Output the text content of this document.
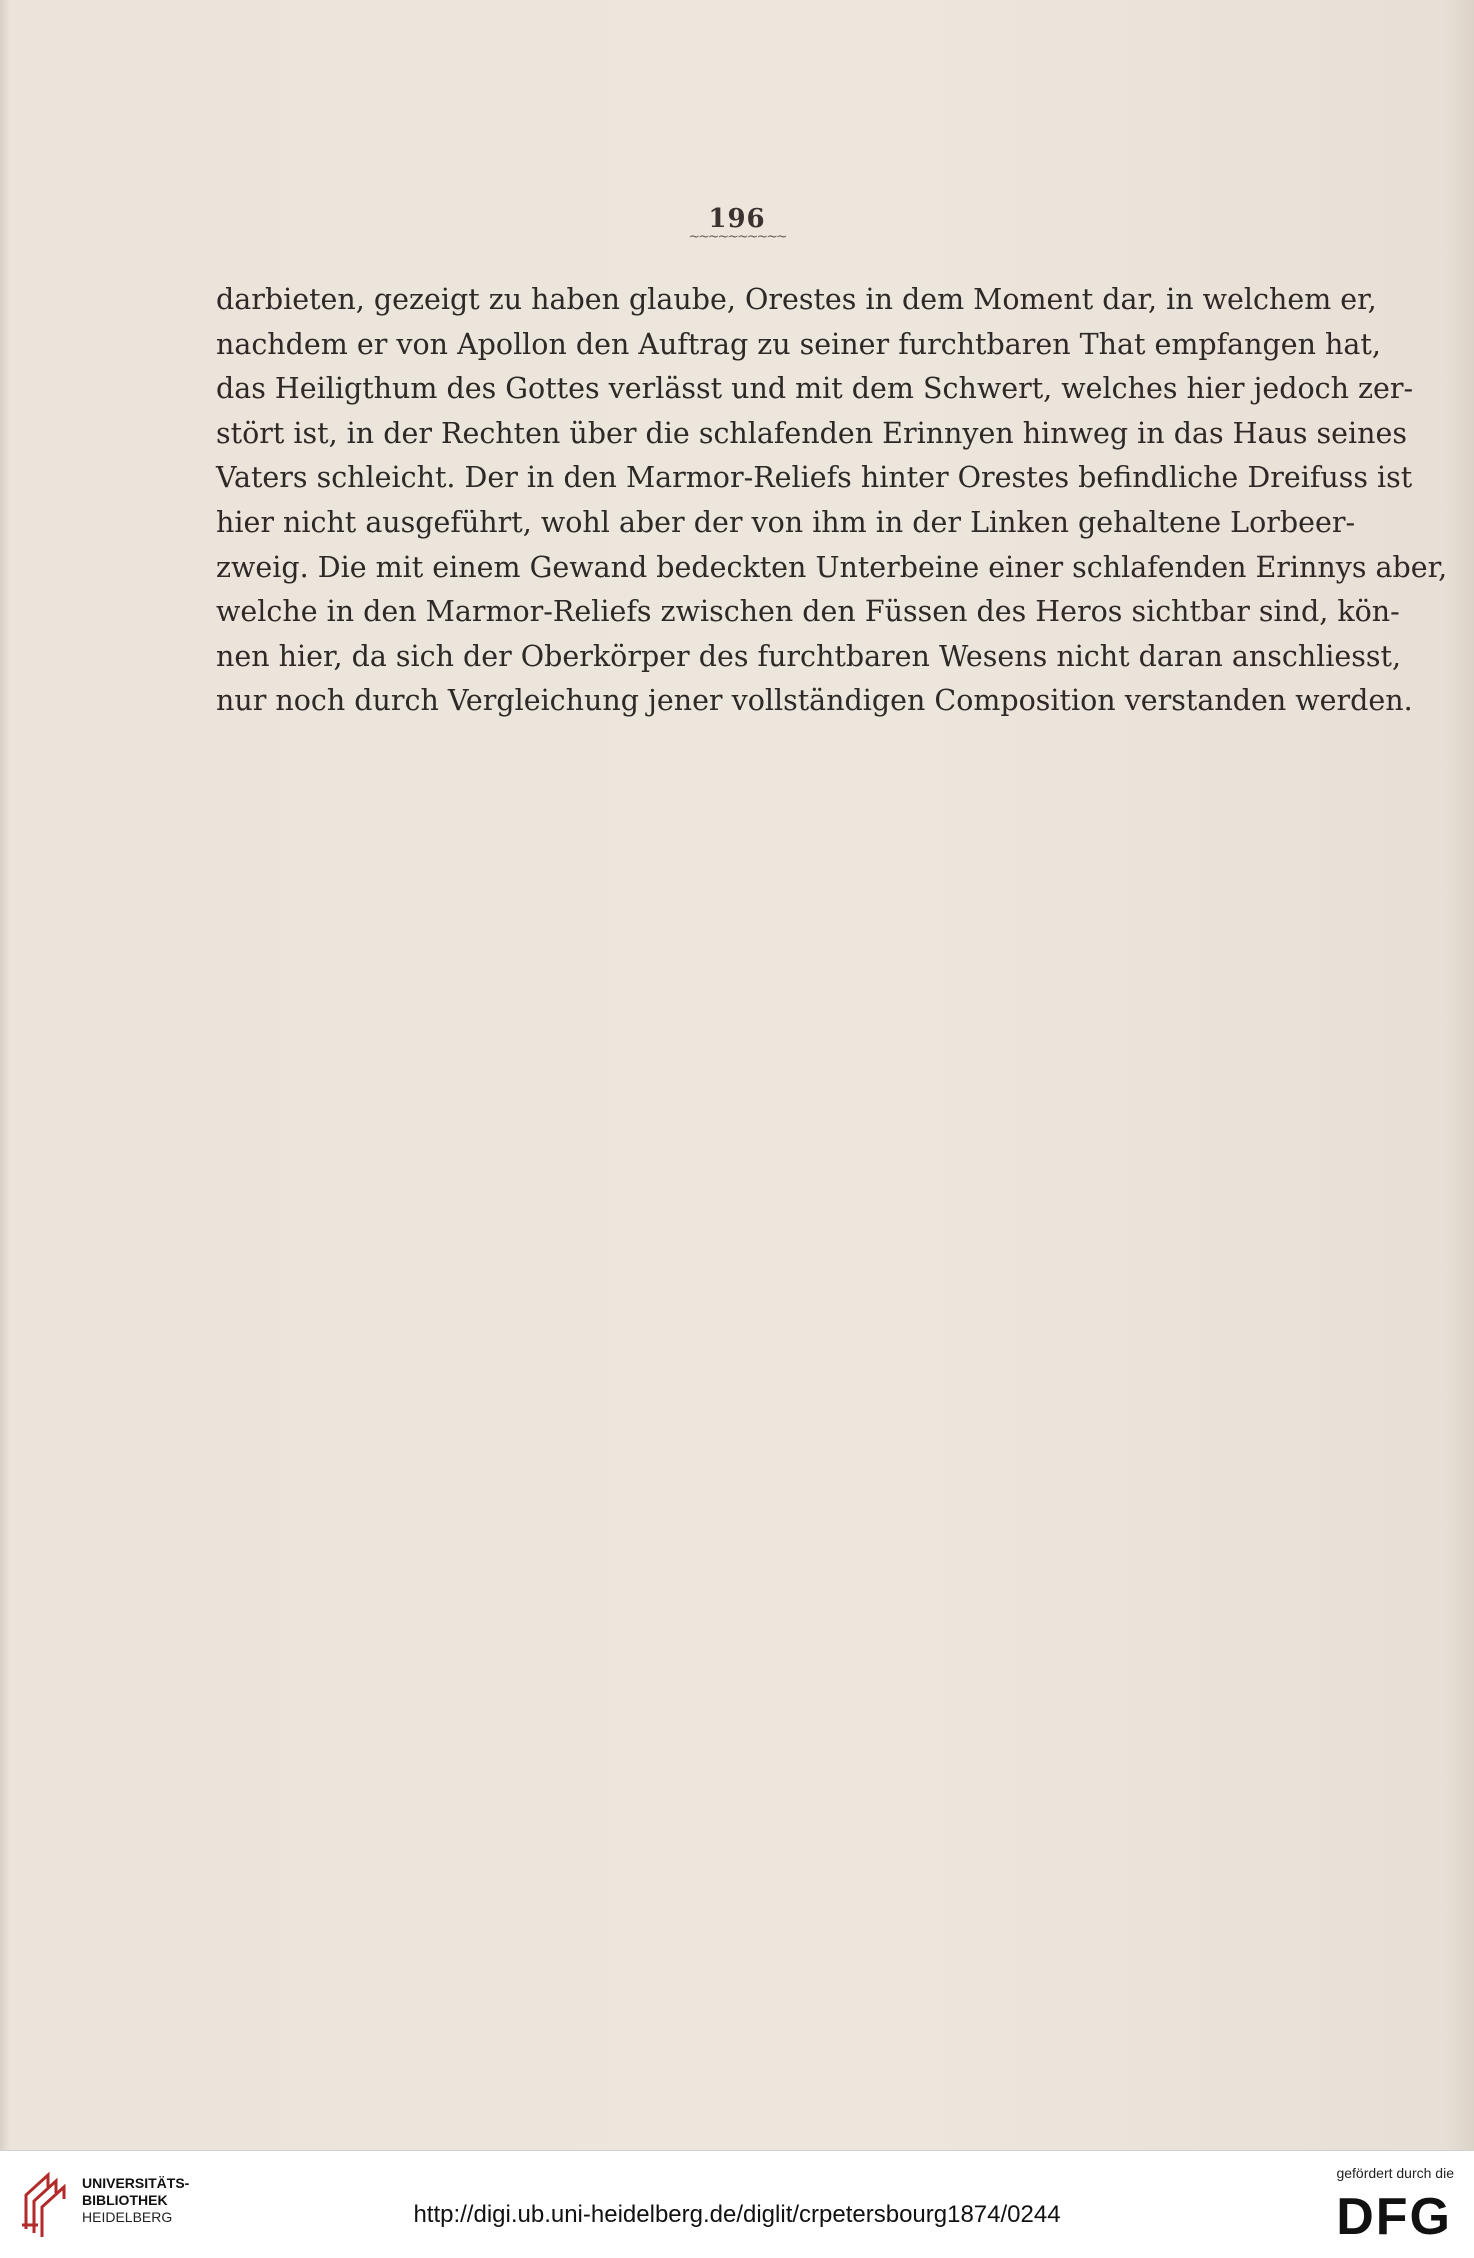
196
~~~~~~~~~~
darbieten, gezeigt zu haben glaube, Orestes in dem Moment dar, in welchem er,
nachdem er von Apollon den Auftrag zu seiner furchtbaren That empfangen hat,
das Heiligthum des Gottes verlässt und mit dem Schwert, welches hier jedoch zer-
stört ist, in der Rechten über die schlafenden Erinnyen hinweg in das Haus seines
Vaters schleicht. Der in den Marmor-Reliefs hinter Orestes befindliche Dreifuss ist
hier nicht ausgeführt, wohl aber der von ihm in der Linken gehaltene Lorbeer-
zweig. Die mit einem Gewand bedeckten Unterbeine einer schlafenden Erinnys aber,
welche in den Marmor-Reliefs zwischen den Füssen des Heros sichtbar sind, kön-
nen hier, da sich der Oberkörper des furchtbaren Wesens nicht daran anschliesst,
nur noch durch Vergleichung jener vollständigen Composition verstanden werden.
UNIVERSITÄTS-
BIBLIOTHEK
HEIDELBERG	http://digi.ub.uni-heidelberg.de/diglit/crpetersbourg1874/0244
gefördert durch die
DFG
